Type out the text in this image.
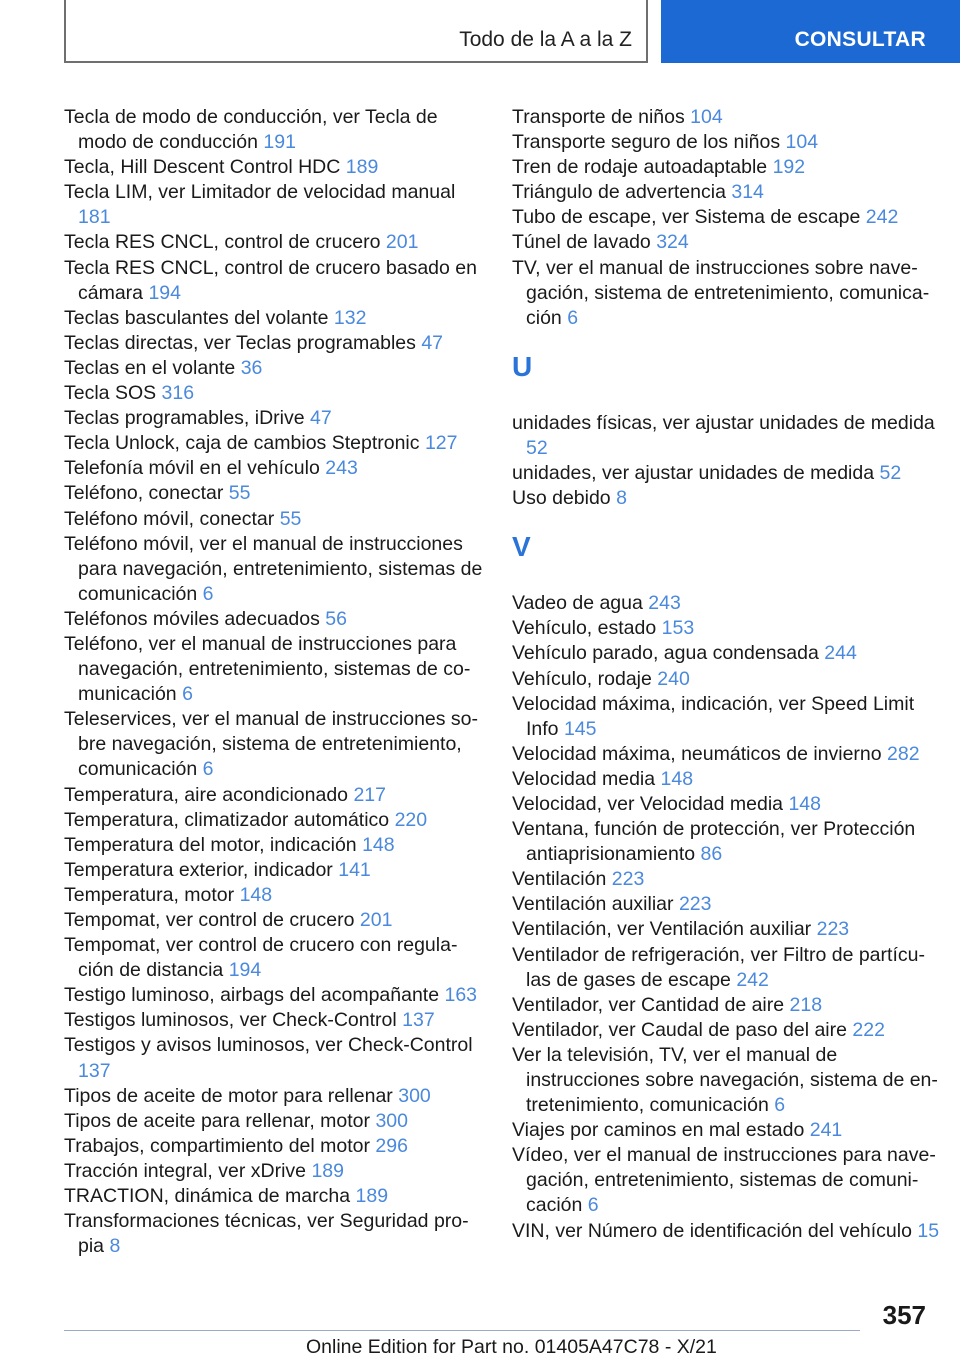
Todo de la A a la Z	CONSULTAR

Tecla de modo de conducción, ver Tecla de modo de conducción 191

Tecla, Hill Descent Control HDC 189

Tecla LIM, ver Limitador de velocidad manual 181

Tecla RES CNCL, control de crucero 201

Tecla RES CNCL, control de crucero basado en cámara 194

Teclas basculantes del volante 132

Teclas directas, ver Teclas programables 47

Teclas en el volante 36

Tecla SOS 316

Teclas programables, iDrive 47

Tecla Unlock, caja de cambios Steptronic 127

Telefonía móvil en el vehículo 243

Teléfono, conectar 55

Teléfono móvil, conectar 55

Teléfono móvil, ver el manual de instrucciones para navegación, entretenimiento, sistemas de comunicación 6

Teléfonos móviles adecuados 56

Teléfono, ver el manual de instrucciones para navegación, entretenimiento, sistemas de comunicación 6

Teleservices, ver el manual de instrucciones sobre navegación, sistema de entretenimiento, comunicación 6

Temperatura, aire acondicionado 217

Temperatura, climatizador automático 220

Temperatura del motor, indicación 148

Temperatura exterior, indicador 141

Temperatura, motor 148

Tempomat, ver control de crucero 201

Tempomat, ver control de crucero con regulación de distancia 194

Testigo luminoso, airbags del acompañante 163

Testigos luminosos, ver Check-Control 137

Testigos y avisos luminosos, ver Check-Control 137

Tipos de aceite de motor para rellenar 300

Tipos de aceite para rellenar, motor 300

Trabajos, compartimiento del motor 296

Tracción integral, ver xDrive 189

TRACTION, dinámica de marcha 189

Transformaciones técnicas, ver Seguridad propia 8

Transporte de niños 104

Transporte seguro de los niños 104

Tren de rodaje autoadaptable 192

Triángulo de advertencia 314

Tubo de escape, ver Sistema de escape 242

Túnel de lavado 324

TV, ver el manual de instrucciones sobre navegación, sistema de entretenimiento, comunicación 6

U

unidades físicas, ver ajustar unidades de medida 52

unidades, ver ajustar unidades de medida 52

Uso debido 8

V

Vadeo de agua 243

Vehículo, estado 153

Vehículo parado, agua condensada 244

Vehículo, rodaje 240

Velocidad máxima, indicación, ver Speed Limit Info 145

Velocidad máxima, neumáticos de invierno 282

Velocidad media 148

Velocidad, ver Velocidad media 148

Ventana, función de protección, ver Protección antiaprisionamiento 86

Ventilación 223

Ventilación auxiliar 223

Ventilación, ver Ventilación auxiliar 223

Ventilador de refrigeración, ver Filtro de partículas de gases de escape 242

Ventilador, ver Cantidad de aire 218

Ventilador, ver Caudal de paso del aire 222

Ver la televisión, TV, ver el manual de instrucciones sobre navegación, sistema de entretenimiento, comunicación 6

Viajes por caminos en mal estado 241

Vídeo, ver el manual de instrucciones para navegación, entretenimiento, sistemas de comunicación 6

VIN, ver Número de identificación del vehículo 15

357
Online Edition for Part no. 01405A47C78 - X/21
